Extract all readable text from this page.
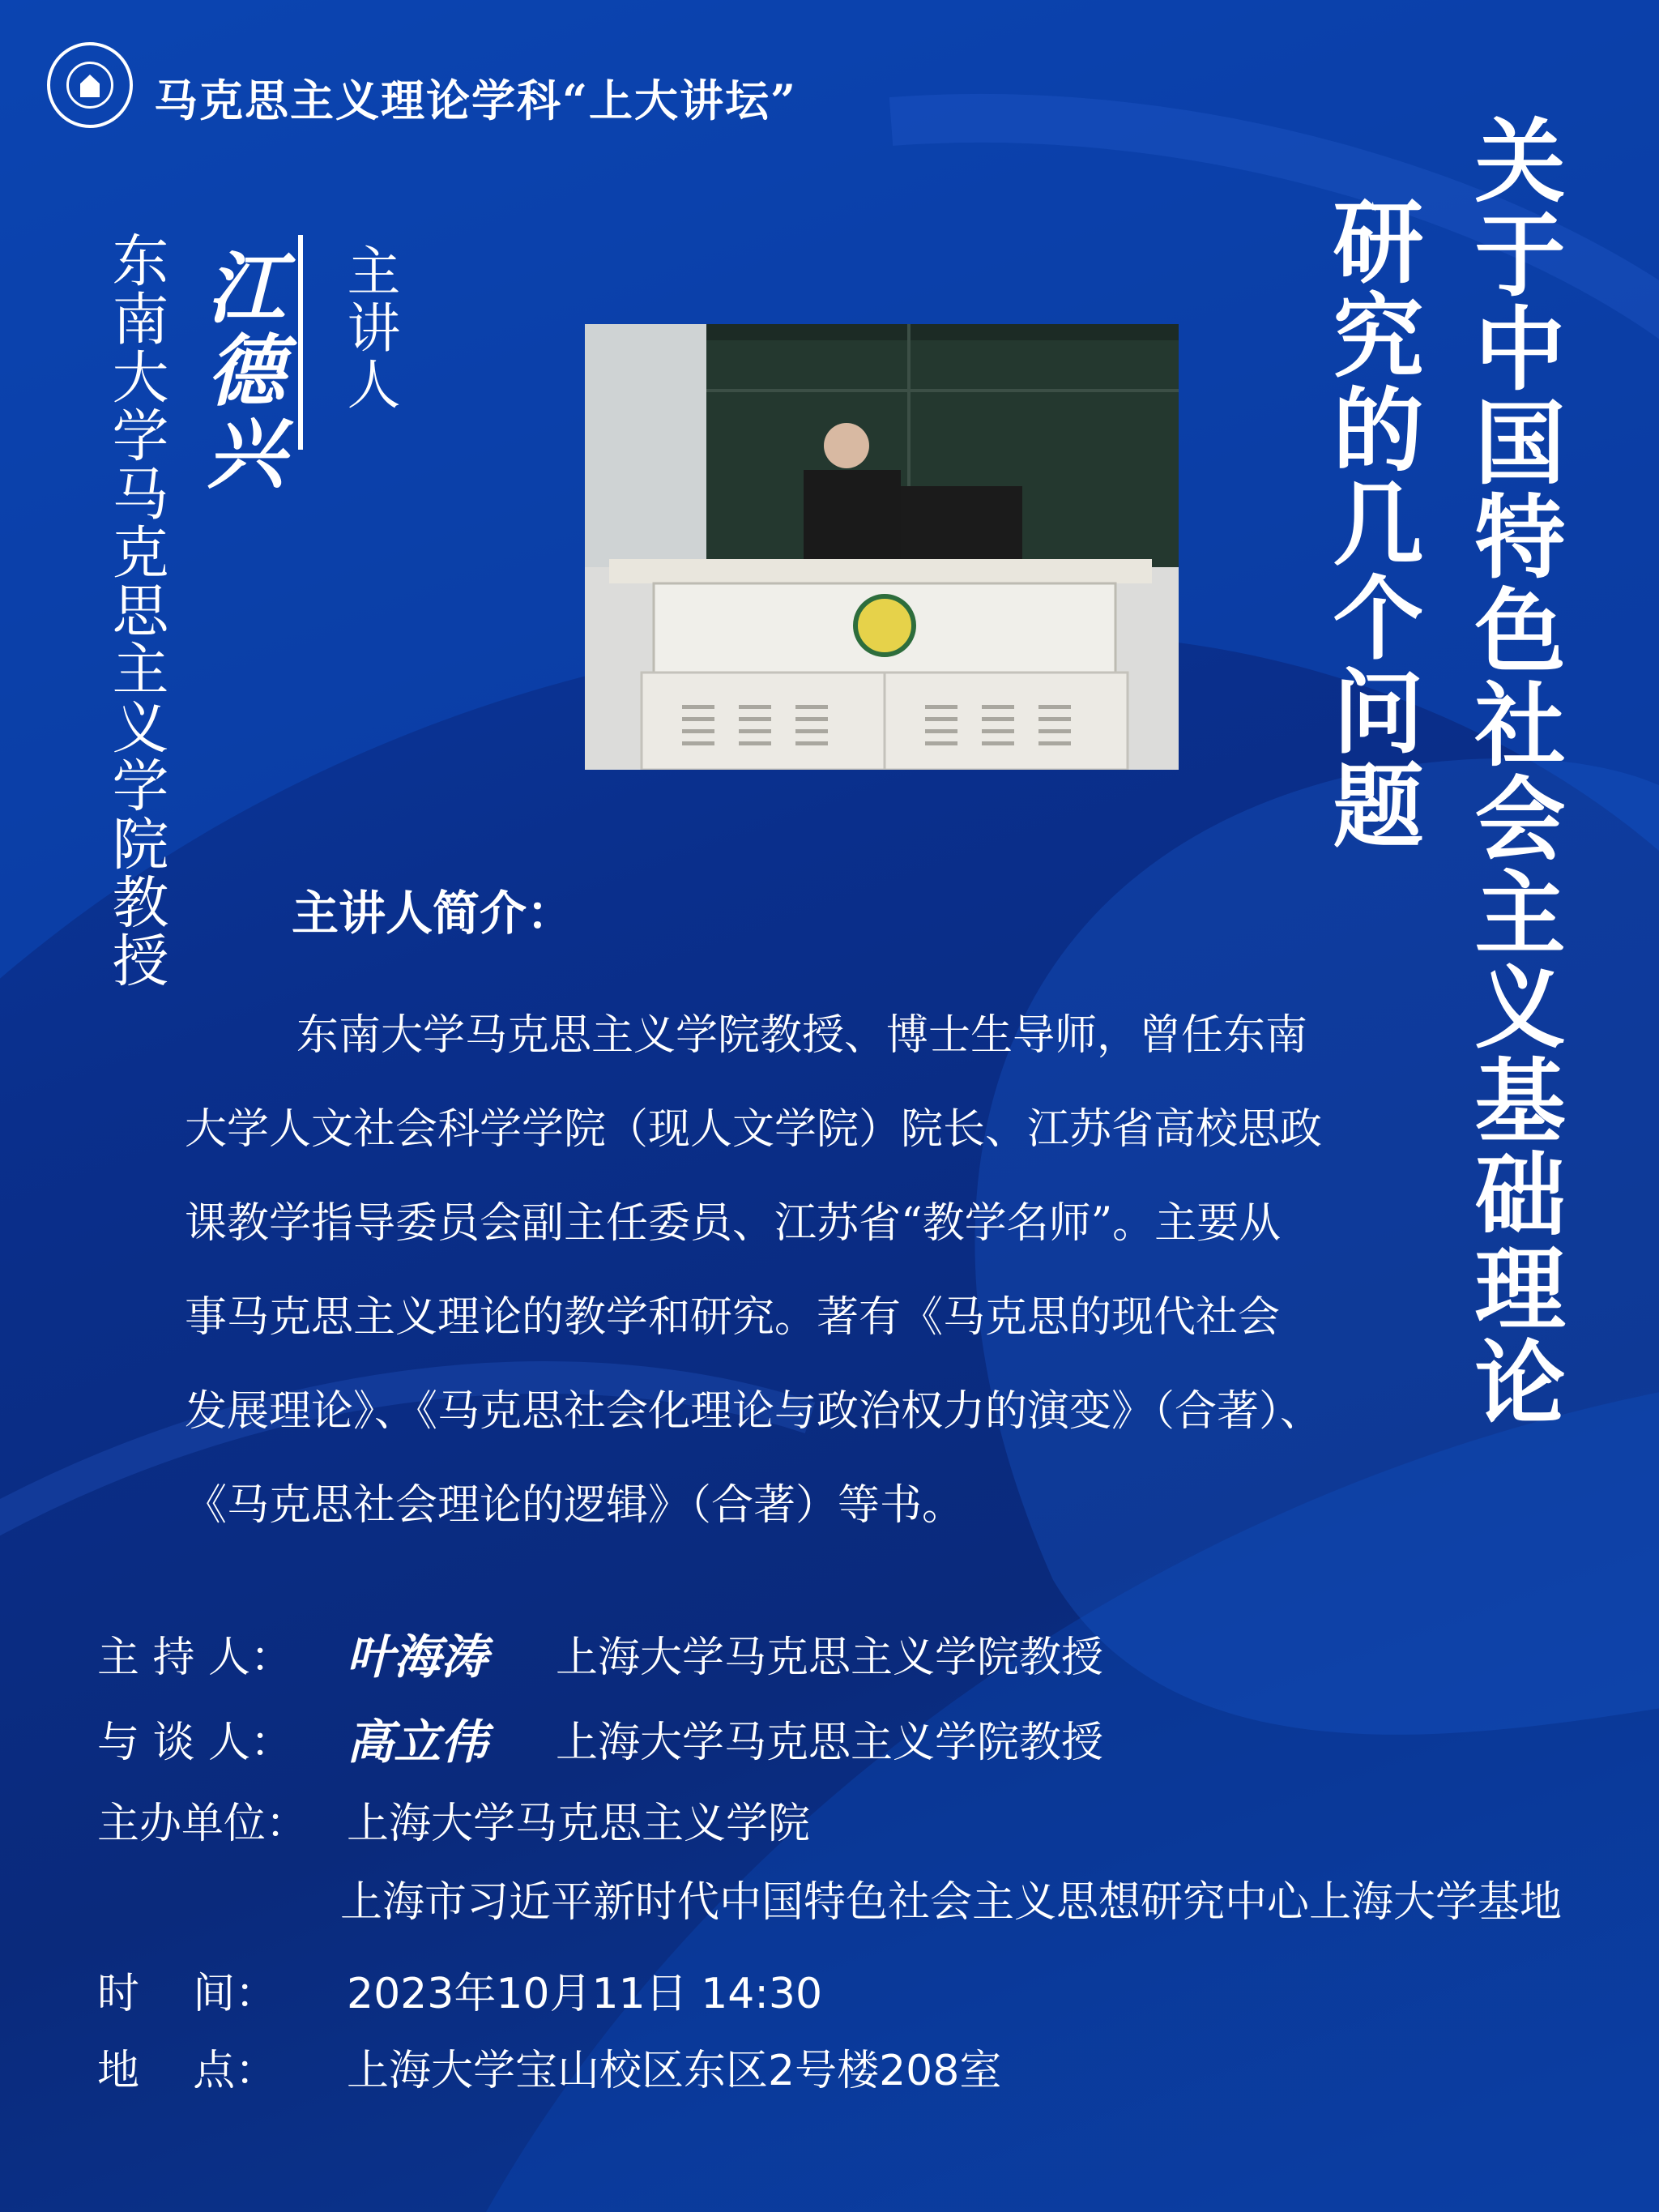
马克思主义理论学科“上大讲坛”
关于中国特色社会主义基础理论
研究的几个问题
主讲人
江德兴
东南大学马克思主义学院教授	主讲人简介：
东南大学马克思主义学院教授、博士生导师，曾任东南
大学人文社会科学学院（现人文学院）院长、江苏省高校思政
课教学指导委员会副主任委员、江苏省“教学名师”。主要从
事马克思主义理论的教学和研究。著有《马克思的现代社会
发展理论》、《马克思社会化理论与政治权力的演变》（合著）、
《马克思社会理论的逻辑》（合著）等书。
主 持 人：	叶海涛	上海大学马克思主义学院教授
与 谈 人：	高立伟	上海大学马克思主义学院教授
主办单位： 上海大学马克思主义学院
上海市习近平新时代中国特色社会主义思想研究中心上海大学基地
时    间：	2023年10月11日 14:30
地    点：	上海大学宝山校区东区2号楼208室
